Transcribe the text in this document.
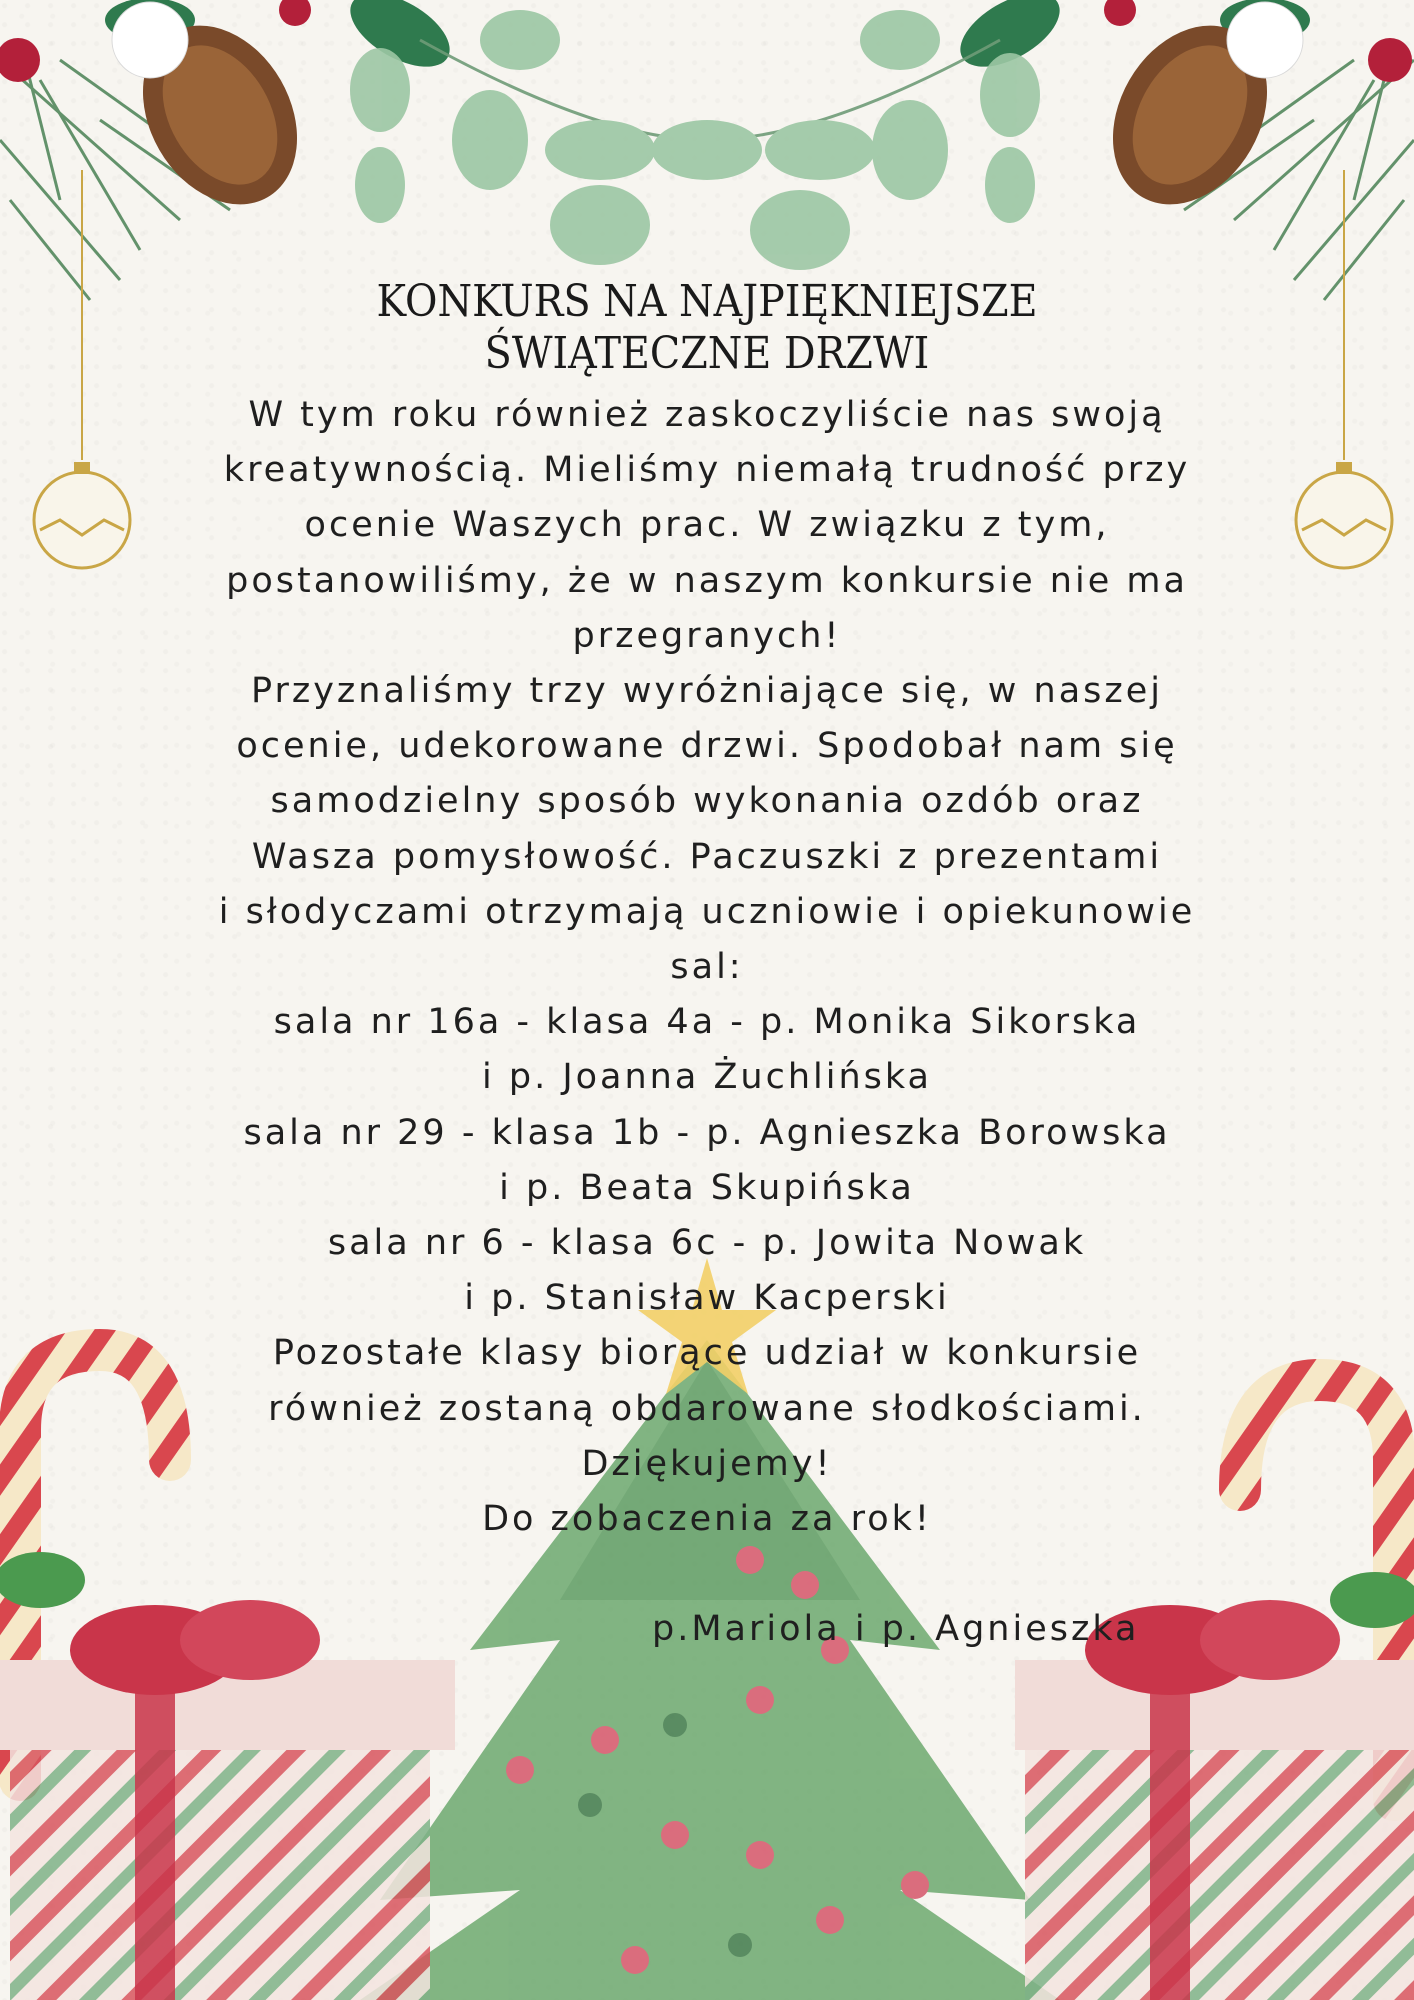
KONKURS NA NAJPIĘKNIEJSZE
ŚWIĄTECZNE DRZWI
W tym roku również zaskoczyliście nas swoją
kreatywnością. Mieliśmy niemałą trudność przy
ocenie Waszych prac. W związku z tym,
postanowiliśmy, że w naszym konkursie nie ma
przegranych!
Przyznaliśmy trzy wyróżniające się, w naszej
ocenie, udekorowane drzwi. Spodobał nam się
samodzielny sposób wykonania ozdób oraz
Wasza pomysłowość. Paczuszki z prezentami
i słodyczami otrzymają uczniowie i opiekunowie
sal:
sala nr 16a - klasa 4a - p. Monika Sikorska
i p. Joanna Żuchlińska
sala nr 29 - klasa 1b - p. Agnieszka Borowska
i p. Beata Skupińska
sala nr 6 - klasa 6c - p. Jowita Nowak
i p. Stanisław Kacperski
Pozostałe klasy biorące udział w konkursie
również zostaną obdarowane słodkościami.
Dziękujemy!
Do zobaczenia za rok!
p.Mariola i p. Agnieszka
